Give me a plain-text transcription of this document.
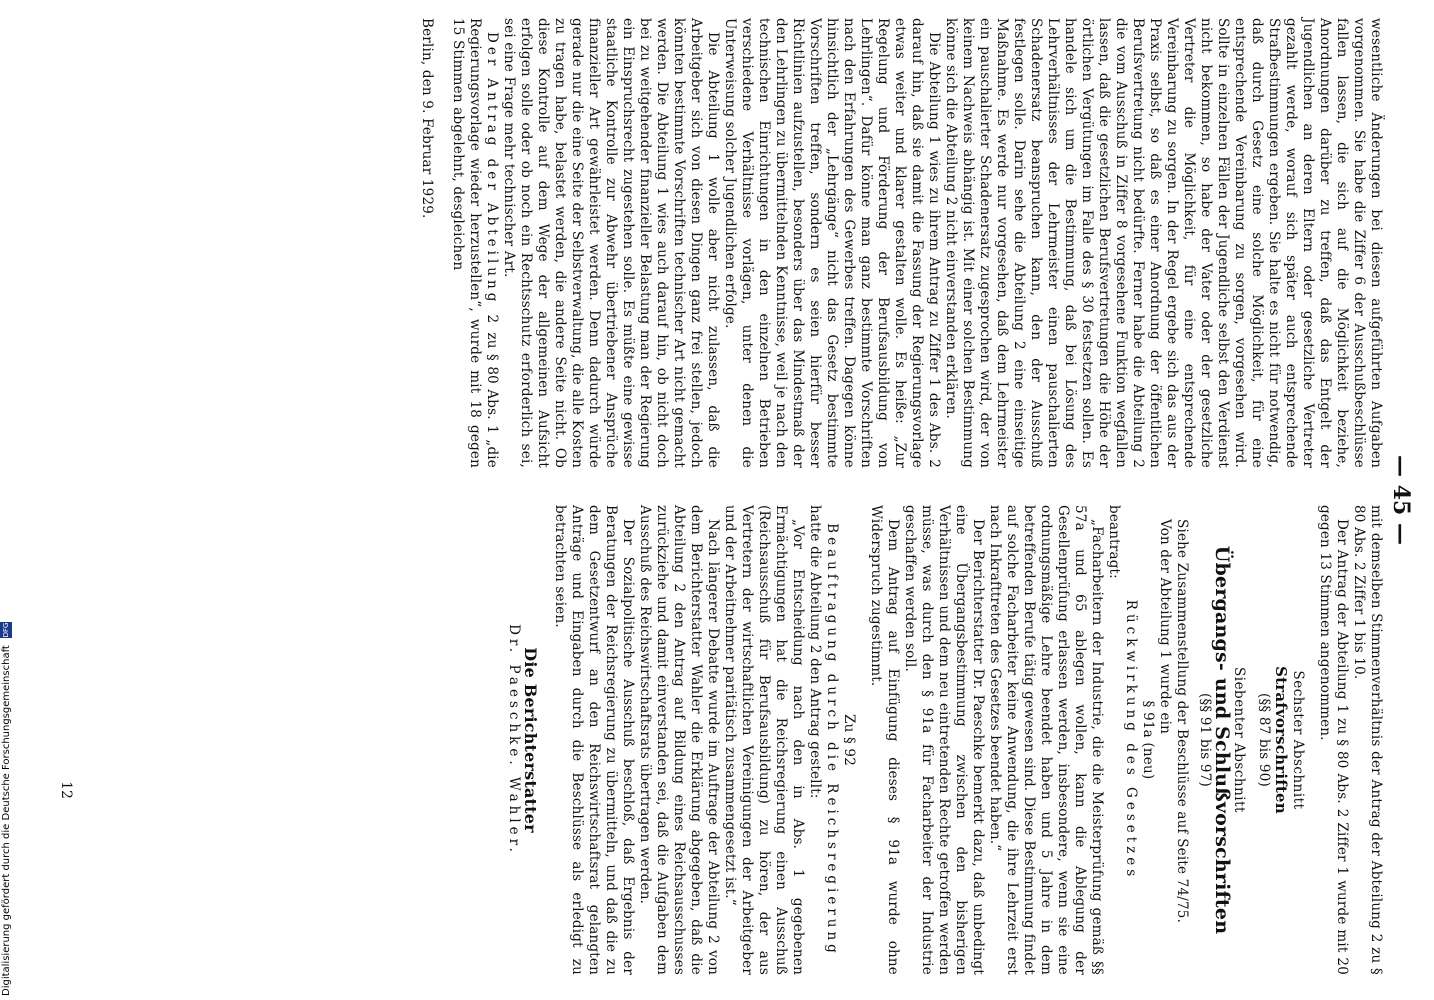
— 45 —

wesentliche Änderungen bei diesen aufgeführten Aufgaben vorgenommen. Sie habe die Ziffer 6 der Ausschußbeschlüsse fallen lassen, die sich auf die Möglichkeit beziehe, Anordnungen darüber zu treffen, daß das Entgelt der Jugendlichen an deren Eltern oder gesetzliche Vertreter gezahlt werde, worauf sich später auch entsprechende Strafbestimmungen ergeben. Sie halte es nicht für notwendig, daß durch Gesetz eine solche Möglichkeit, für eine entsprechende Vereinbarung zu sorgen, vorgesehen wird. Sollte in einzelnen Fällen der Jugendliche selbst den Verdienst nicht bekommen, so habe der Vater oder der gesetzliche Vertreter die Möglichkeit, für eine entsprechende Vereinbarung zu sorgen. In der Regel ergebe sich das aus der Praxis selbst, so daß es einer Anordnung der öffentlichen Berufsvertretung nicht bedürfte. Ferner habe die Abteilung 2 die vom Ausschuß in Ziffer 8 vorgesehene Funktion wegfallen lassen, daß die gesetzlichen Berufsvertretungen die Höhe der örtlichen Vergütungen im Falle des § 30 festsetzen sollen. Es handele sich um die Bestimmung, daß bei Lösung des Lehrverhältnisses der Lehrmeister einen pauschalierten Schadenersatz beanspruchen kann, den der Ausschuß festlegen solle. Darin sehe die Abteilung 2 eine einseitige Maßnahme. Es werde nur vorgesehen, daß dem Lehrmeister ein pauschalierter Schadenersatz zugesprochen wird, der von keinem Nachweis abhängig ist. Mit einer solchen Bestimmung könne sich die Abteilung 2 nicht einverstanden erklären.

Die Abteilung 1 wies zu ihrem Antrag zu Ziffer 1 des Abs. 2 darauf hin, daß sie damit die Fassung der Regierungsvorlage etwas weiter und klarer gestalten wolle. Es heiße: „Zur Regelung und Förderung der Berufsausbildung von Lehrlingen“. Dafür könne man ganz bestimmte Vorschriften nach den Erfahrungen des Gewerbes treffen. Dagegen könne hinsichtlich der „Lehrgänge“ nicht das Gesetz bestimmte Vorschriften treffen, sondern es seien hierfür besser Richtlinien aufzustellen, besonders über das Mindestmaß der den Lehrlingen zu übermittelnden Kenntnisse, weil je nach den technischen Einrichtungen in den einzelnen Betrieben verschiedene Verhältnisse vorlägen, unter denen die Unterweisung solcher Jugendlichen erfolge.

Die Abteilung 1 wolle aber nicht zulassen, daß die Arbeitgeber sich von diesen Dingen ganz frei stellen, jedoch könnten bestimmte Vorschriften technischer Art nicht gemacht werden. Die Abteilung 1 wies auch darauf hin, ob nicht doch bei zu weitgehender finanzieller Belastung man der Regierung ein Einspruchsrecht zugestehen solle. Es müßte eine gewisse staatliche Kontrolle zur Abwehr übertriebener Ansprüche finanzieller Art gewährleistet werden. Denn dadurch würde gerade nur die eine Seite der Selbstverwaltung, die alle Kosten zu tragen habe, belastet werden, die andere Seite nicht. Ob diese Kontrolle auf dem Wege der allgemeinen Aufsicht erfolgen solle oder ob noch ein Rechtsschutz erforderlich sei, sei eine Frage mehr technischer Art.

Der Antrag der Abteilung 2 zu § 80 Abs. 1 „die Regierungsvorlage wieder herzustellen“, wurde mit 18 gegen 15 Stimmen abgelehnt, desgleichen

Berlin, den 9. Februar 1929.

mit demselben Stimmenverhältnis der Antrag der Abteilung 2 zu § 80 Abs. 2 Ziffer 1 bis 10.

Der Antrag der Abteilung 1 zu § 80 Abs. 2 Ziffer 1 wurde mit 20 gegen 13 Stimmen angenommen.

Sechster Abschnitt
Strafvorschriften
(§§ 87 bis 90)
Siebenter Abschnitt
Übergangs- und Schlußvorschriften
(§§ 91 bis 97)

Siehe Zusammenstellung der Beschlüsse auf Seite 74/75.

Von der Abteilung 1 wurde ein

§ 91a (neu)
Rückwirkung des Gesetzes

beantragt:

„Facharbeitern der Industrie, die die Meisterprüfung gemäß §§ 57a und 65 ablegen wollen, kann die Ablegung der Gesellenprüfung erlassen werden, insbesondere, wenn sie eine ordnungsmäßige Lehre beendet haben und 5 Jahre in dem betreffenden Berufe tätig gewesen sind. Diese Bestimmung findet auf solche Facharbeiter keine Anwendung, die ihre Lehrzeit erst nach Inkrafttreten des Gesetzes beendet haben.“

Der Berichterstatter Dr. Paeschke bemerkt dazu, daß unbedingt eine Übergangsbestimmung zwischen den bisherigen Verhältnissen und dem neu eintretenden Rechte getroffen werden müsse, was durch den § 91a für Facharbeiter der Industrie geschaffen werden soll.

Dem Antrag auf Einfügung dieses § 91a wurde ohne Widerspruch zugestimmt.

Zu § 92
Beauftragung durch die Reichsregierung

hatte die Abteilung 2 den Antrag gestellt:

„Vor Entscheidung nach den in Abs. 1 gegebenen Ermächtigungen hat die Reichsregierung einen Ausschuß (Reichsausschuß für Berufsausbildung) zu hören, der aus Vertretern der wirtschaftlichen Vereinigungen der Arbeitgeber und der Arbeitnehmer paritätisch zusammengesetzt ist.“

Nach längerer Debatte wurde im Auftrage der Abteilung 2 von dem Berichterstatter Wahler die Erklärung abgegeben, daß die Abteilung 2 den Antrag auf Bildung eines Reichsausschusses zurückziehe und damit einverstanden sei, daß die Aufgaben dem Ausschuß des Reichswirtschaftsrats übertragen werden.

Der Sozialpolitische Ausschuß beschloß, daß Ergebnis der Beratungen der Reichsregierung zu übermitteln, und daß die zu dem Gesetzentwurf an den Reichswirtschaftsrat gelangten Anträge und Eingaben durch die Beschlüsse als erledigt zu betrachten seien.

Die Berichterstatter
Dr. Paeschke. Wahler.
12
Digitalisierung gefördert durch die Deutsche Forschungsgemeinschaft DFG
